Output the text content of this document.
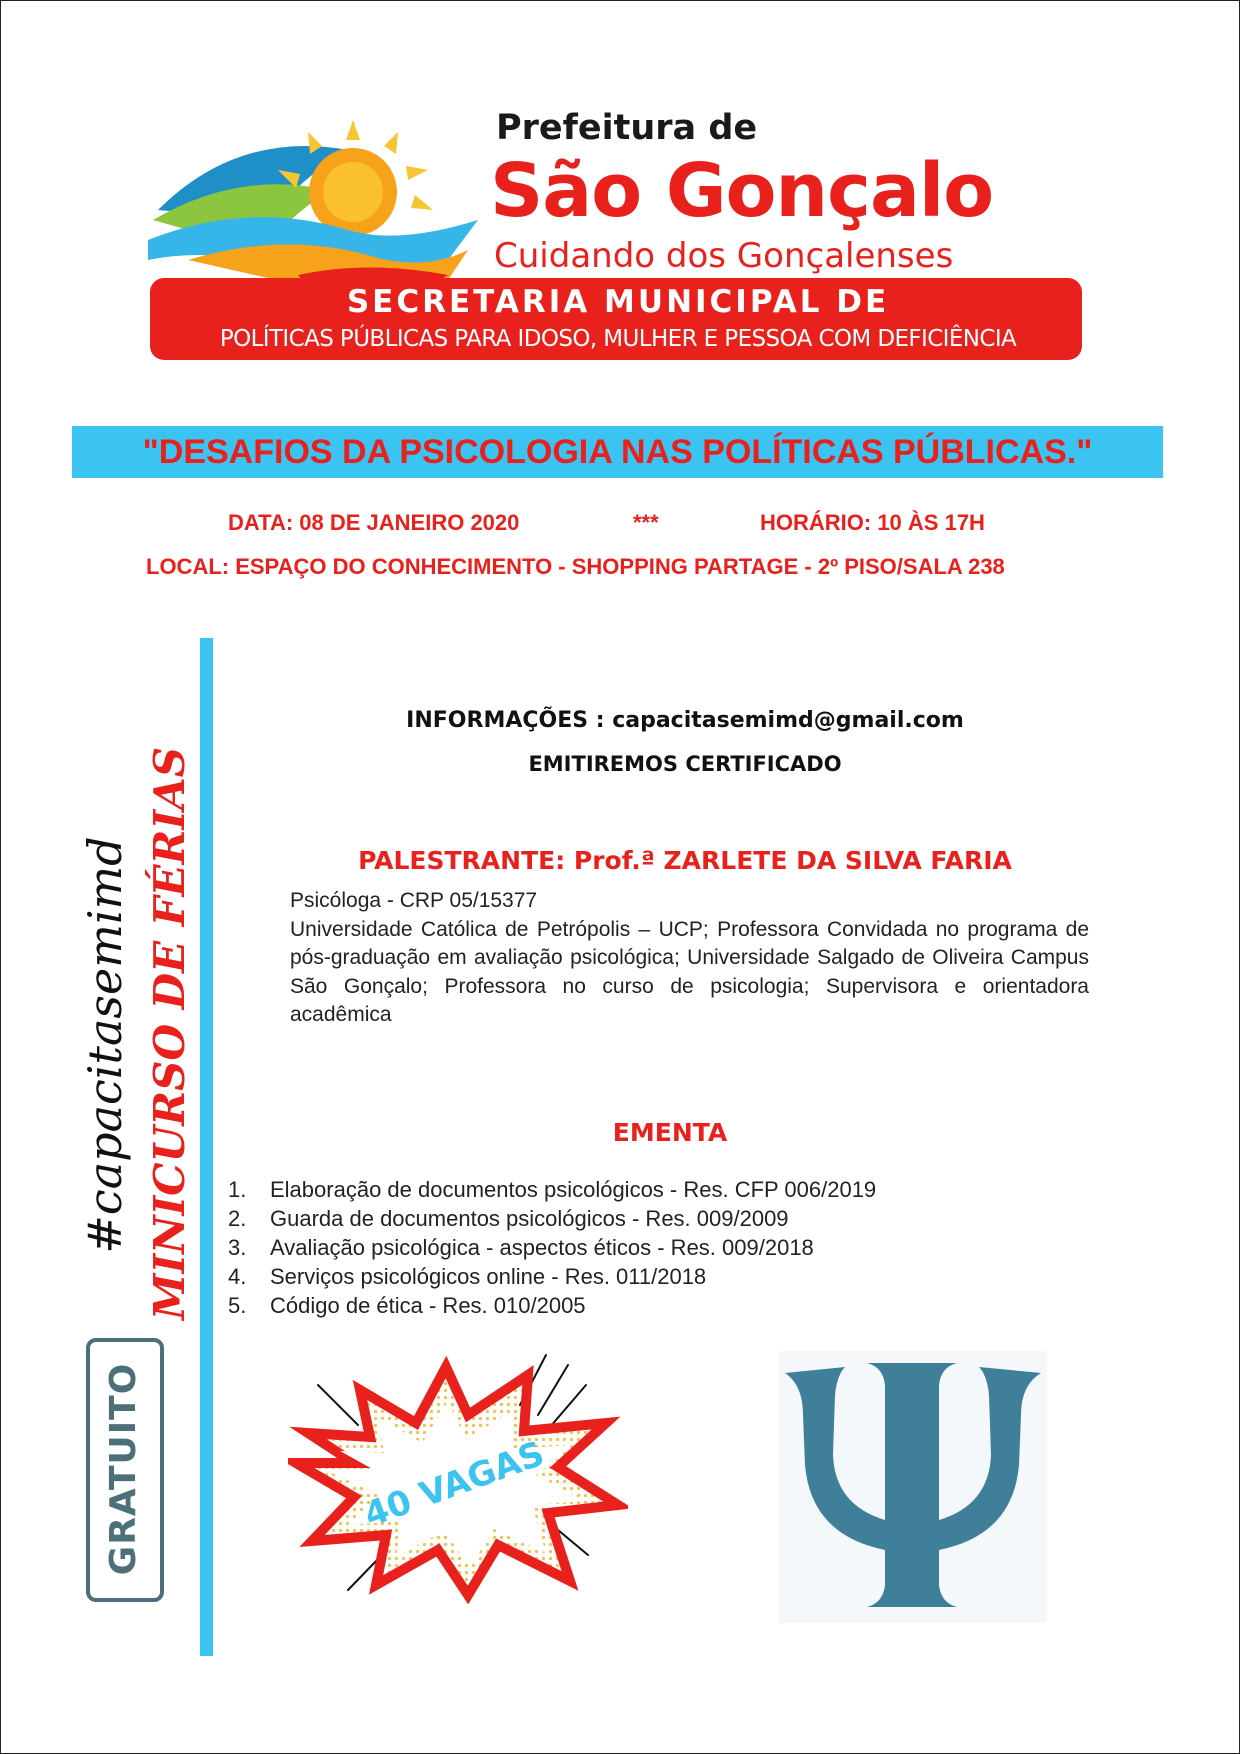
Prefeitura de
São Gonçalo
Cuidando dos Gonçalenses
SECRETARIA MUNICIPAL DE
POLÍTICAS PÚBLICAS PARA IDOSO, MULHER E PESSOA COM DEFICIÊNCIA
"DESAFIOS DA PSICOLOGIA NAS POLÍTICAS PÚBLICAS."
DATA: 08 DE JANEIRO 2020	***	HORÁRIO: 10 ÀS 17H
LOCAL: ESPAÇO DO CONHECIMENTO - SHOPPING PARTAGE - 2º PISO/SALA 238
#capacitasemimd MINICURSO DE FÉRIAS
GRATUITO
INFORMAÇÕES : capacitasemimd@gmail.com
EMITIREMOS CERTIFICADO
PALESTRANTE: Prof.ª ZARLETE DA SILVA FARIA
Psicóloga - CRP 05/15377
Universidade Católica de Petrópolis – UCP; Professora Convidada no programa de pós-graduação em avaliação psicológica; Universidade Salgado de Oliveira Campus São Gonçalo; Professora no curso de psicologia; Supervisora e orientadora acadêmica
EMENTA
1.	Elaboração de documentos psicológicos - Res. CFP 006/2019
2.	Guarda de documentos psicológicos - Res. 009/2009
3.	Avaliação psicológica - aspectos éticos - Res. 009/2018
4.	Serviços psicológicos online - Res. 011/2018
5.	Código de ética - Res. 010/2005
40 VAGAS
